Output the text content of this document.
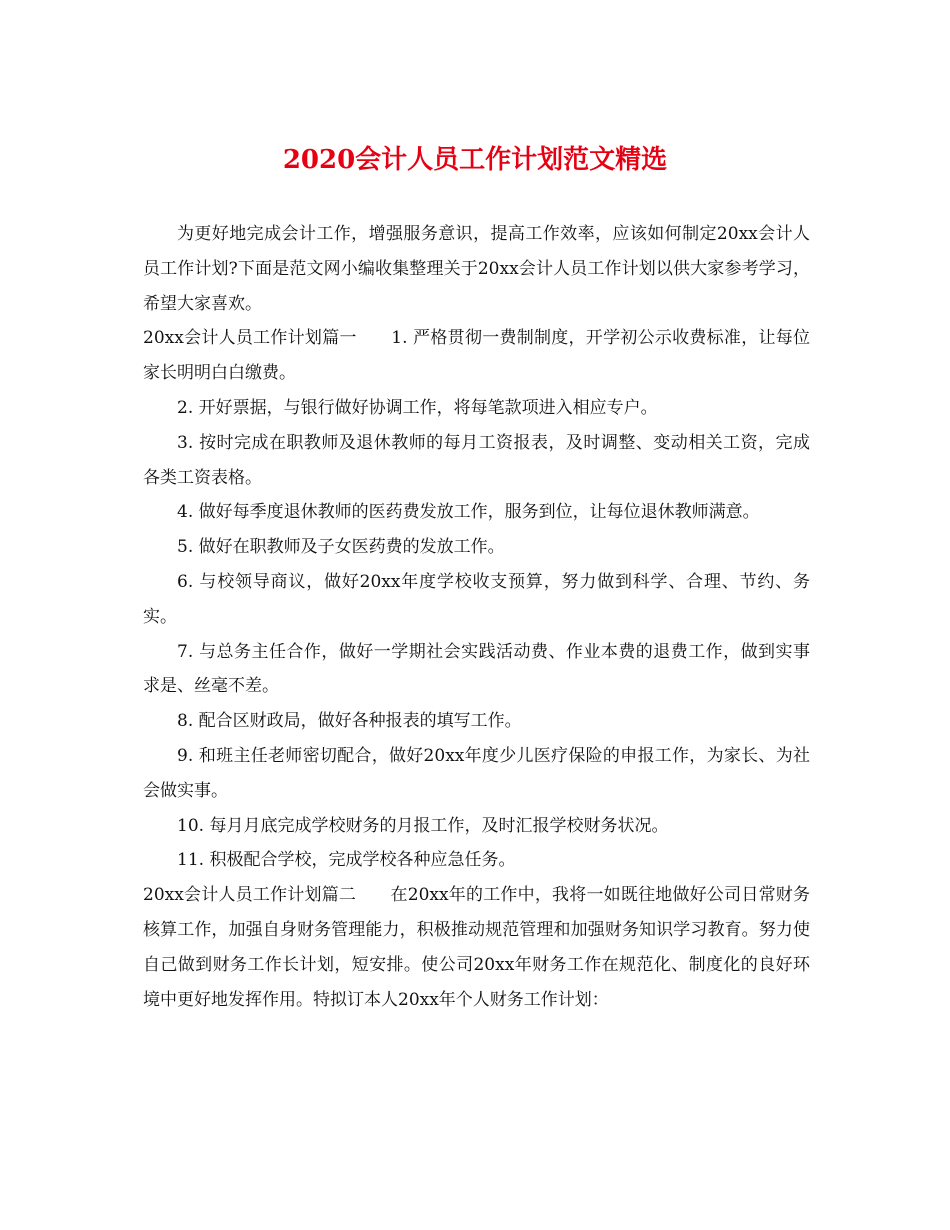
2020会计人员工作计划范文精选

为更好地完成会计工作，增强服务意识，提高工作效率，应该如何制定20xx会计人员工作计划?下面是范文网小编收集整理关于20xx会计人员工作计划以供大家参考学习，希望大家喜欢。

20xx会计人员工作计划篇一　　1. 严格贯彻一费制制度，开学初公示收费标准，让每位家长明明白白缴费。

2. 开好票据，与银行做好协调工作，将每笔款项进入相应专户。

3. 按时完成在职教师及退休教师的每月工资报表，及时调整、变动相关工资，完成各类工资表格。

4. 做好每季度退休教师的医药费发放工作，服务到位，让每位退休教师满意。

5. 做好在职教师及子女医药费的发放工作。

6. 与校领导商议，做好20xx年度学校收支预算，努力做到科学、合理、节约、务实。

7. 与总务主任合作，做好一学期社会实践活动费、作业本费的退费工作，做到实事求是、丝毫不差。

8. 配合区财政局，做好各种报表的填写工作。

9. 和班主任老师密切配合，做好20xx年度少儿医疗保险的申报工作，为家长、为社会做实事。

10. 每月月底完成学校财务的月报工作，及时汇报学校财务状况。

11. 积极配合学校，完成学校各种应急任务。

20xx会计人员工作计划篇二　　在20xx年的工作中，我将一如既往地做好公司日常财务核算工作，加强自身财务管理能力，积极推动规范管理和加强财务知识学习教育。努力使自己做到财务工作长计划，短安排。使公司20xx年财务工作在规范化、制度化的良好环境中更好地发挥作用。特拟订本人20xx年个人财务工作计划：
